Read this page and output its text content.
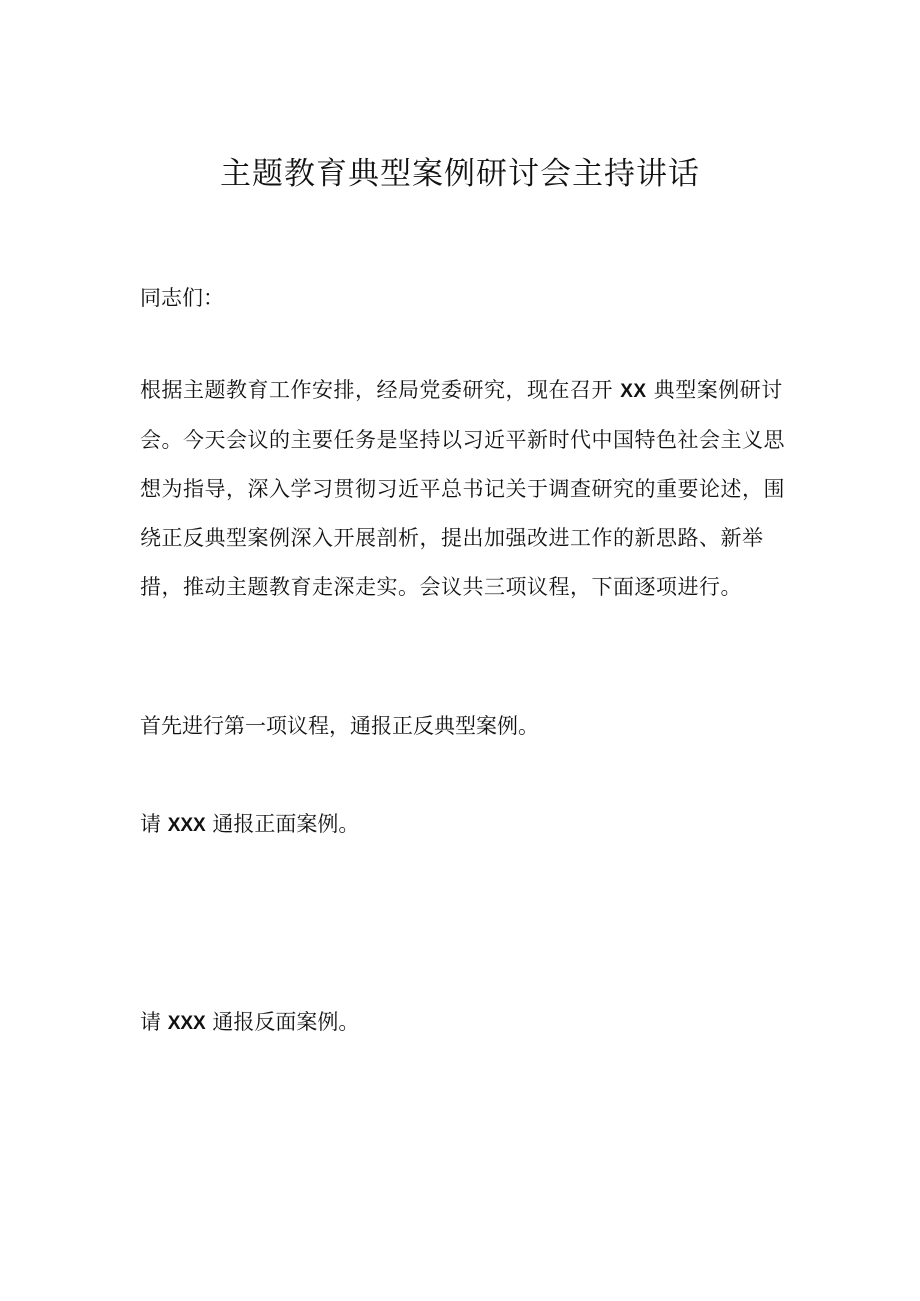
主题教育典型案例研讨会主持讲话
同志们：

根据主题教育工作安排，经局党委研究，现在召开 XX 典型案例研讨会。今天会议的主要任务是坚持以习近平新时代中国特色社会主义思想为指导，深入学习贯彻习近平总书记关于调查研究的重要论述，围绕正反典型案例深入开展剖析，提出加强改进工作的新思路、新举措，推动主题教育走深走实。会议共三项议程，下面逐项进行。

首先进行第一项议程，通报正反典型案例。
请 XXX 通报正面案例。
请 XXX 通报反面案例。
